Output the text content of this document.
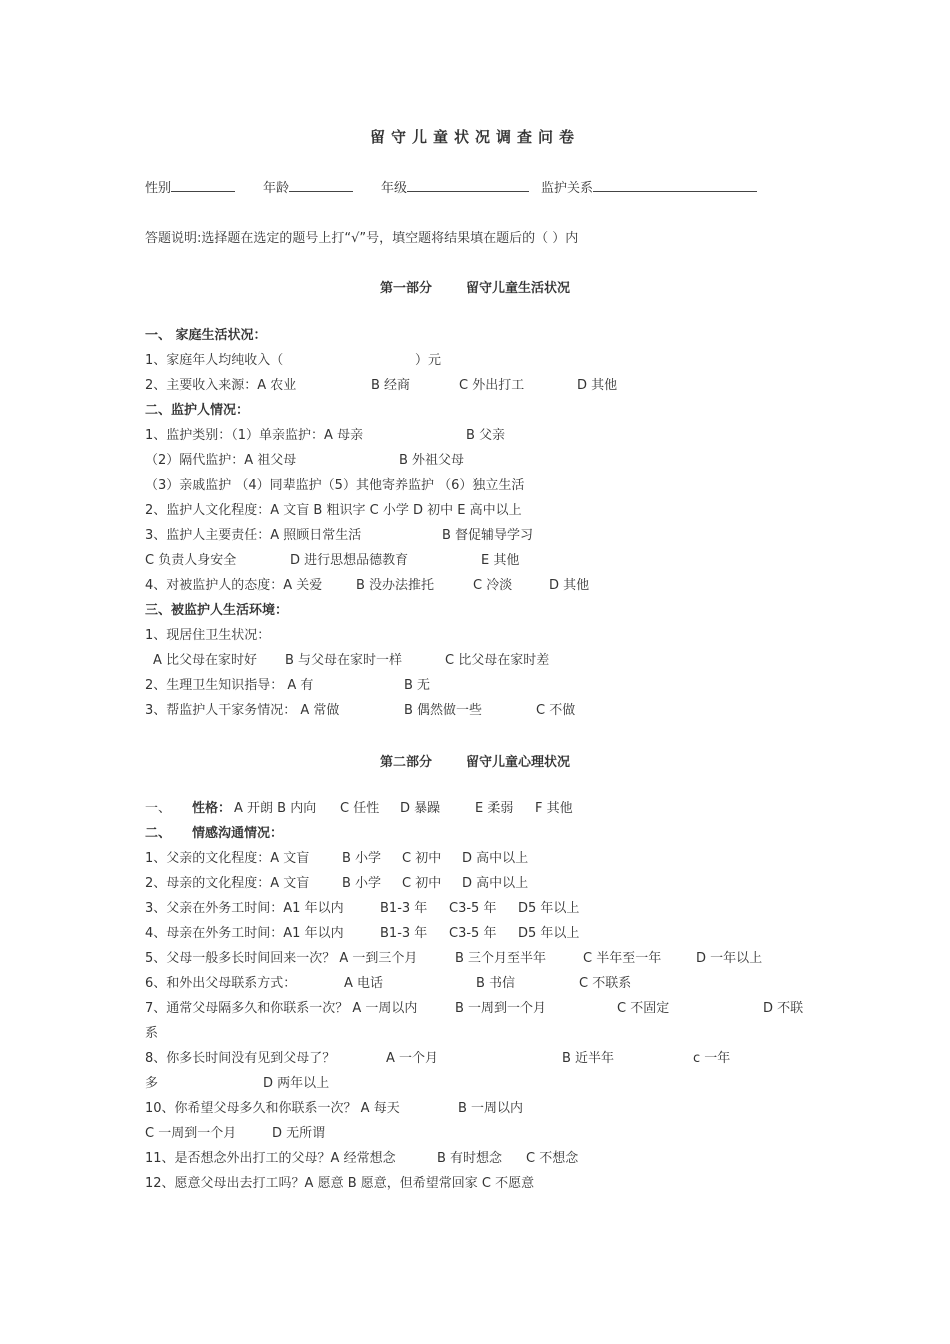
留守儿童状况调查问卷
性别	年龄	年级	监护关系
答题说明:选择题在选定的题号上打“√”号，填空题将结果填在题后的（ ）内
第一部分	留守儿童生活状况
一、 家庭生活状况：
1、家庭年人均纯收入（	）元
2、主要收入来源：A 农业	B 经商	C 外出打工	D 其他
二、监护人情况：
1、监护类别：（1）单亲监护：A 母亲	B 父亲
（2）隔代监护：A 祖父母	B 外祖父母
（3）亲戚监护 （4）同辈监护（5）其他寄养监护 （6）独立生活
2、监护人文化程度：A 文盲 B 粗识字 C 小学 D 初中 E 高中以上
3、监护人主要责任：A 照顾日常生活	B 督促辅导学习
C 负责人身安全	D 进行思想品德教育	E 其他
4、对被监护人的态度：A 关爱	B 没办法推托	C 冷淡	D 其他
三、被监护人生活环境：
1、现居住卫生状况：
A 比父母在家时好 B 与父母在家时一样	C 比父母在家时差
2、生理卫生知识指导： A 有	B 无
3、帮监护人干家务情况： A 常做	B 偶然做一些	C 不做
第二部分	留守儿童心理状况
一、 性格： A 开朗 B 内向 C 任性 D 暴躁	E 柔弱 F 其他
二、 情感沟通情况：
1、父亲的文化程度：A 文盲	B 小学 C 初中 D 高中以上
2、母亲的文化程度：A 文盲	B 小学 C 初中 D 高中以上
3、父亲在外务工时间：A1 年以内	B1-3 年 C3-5 年 D5 年以上
4、母亲在外务工时间：A1 年以内	B1-3 年 C3-5 年 D5 年以上
5、父母一般多长时间回来一次？ A 一到三个月	B 三个月至半年	C 半年至一年	D 一年以上
6、和外出父母联系方式：	A 电话	B 书信	C 不联系
7、通常父母隔多久和你联系一次？ A 一周以内	B 一周到一个月	C 不固定	D 不联
系
8、你多长时间没有见到父母了？	A 一个月	B 近半年	c 一年
多	D 两年以上
10、你希望父母多久和你联系一次？ A 每天	B 一周以内
C 一周到一个月	D 无所谓
11、是否想念外出打工的父母？A 经常想念	B 有时想念 C 不想念
12、愿意父母出去打工吗？A 愿意 B 愿意，但希望常回家 C 不愿意
